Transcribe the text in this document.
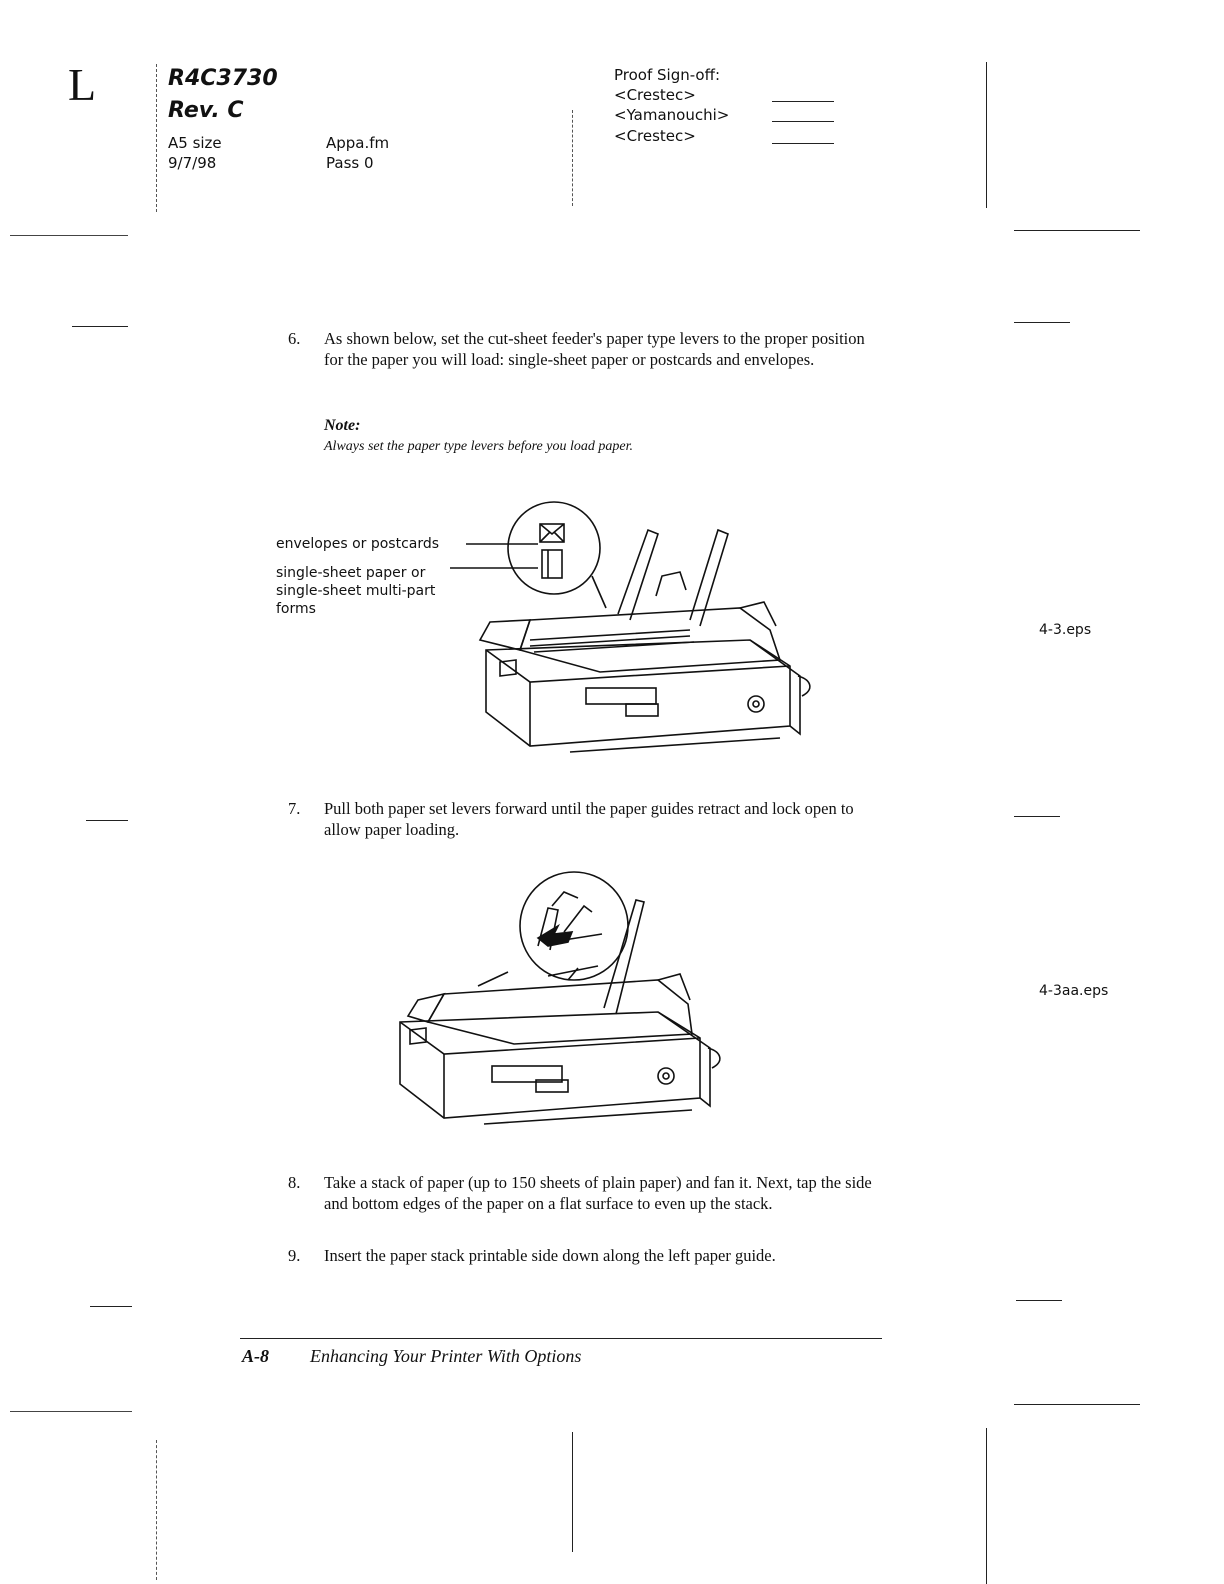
L	R4C3730
Rev. C
A5 size
9/7/98
Appa.fm
Pass 0
Proof Sign-off:
<Crestec>
<Yamanouchi>
<Crestec>
6. As shown below, set the cut-sheet feeder's paper type levers to the proper position for the paper you will load: single-sheet paper or postcards and envelopes.
Note:
Always set the paper type levers before you load paper.
envelopes or postcards
single-sheet paper or
single-sheet multi-part
forms
4-3.eps
7. Pull both paper set levers forward until the paper guides retract and lock open to allow paper loading.
4-3aa.eps
8. Take a stack of paper (up to 150 sheets of plain paper) and fan it. Next, tap the side and bottom edges of the paper on a flat surface to even up the stack.
9. Insert the paper stack printable side down along the left paper guide.
A-8 Enhancing Your Printer With Options
